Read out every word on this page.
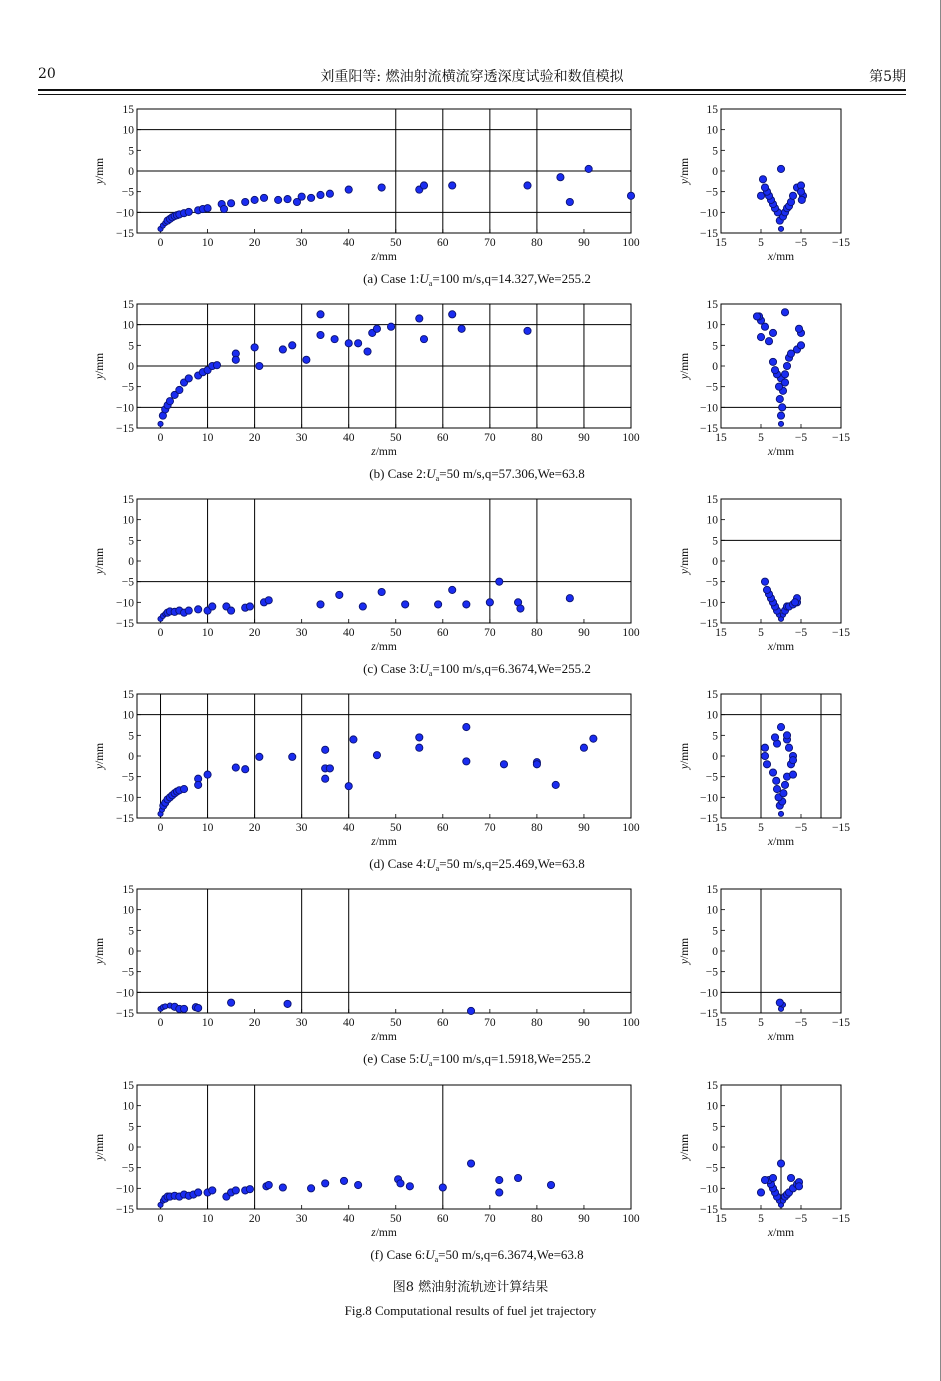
20	刘重阳等: 燃油射流横流穿透深度试验和数值模拟	第5期
0	10	20	30	40	50	60	70	80	90	100
15
10
5
0
−5
−10
−15
z/mm
y/mm
(a) Case $1:U_a=100$ m/s,q=14.327,We=255.2
15	5	−5 −15
15
10
5
0
−5
−10
−15
x/mm
y/mm
0	10	20	30	40	50	60	70	80	90	100
15
10
5
0
−5
−10
−15
z/mm
y/mm
(b) Case $2:U_a=50$ m/s,q=57.306,We=63.8
15	5	−5 −15
15
10
5
0
−5
−10
−15
x/mm
y/mm
0	10	20	30	40	50	60	70	80	90	100
15
10
5
0
−5
−10
−15
z/mm
y/mm
(c) Case $3:U_a=100$ m/s,q=6.3674,We=255.2
15	5	−5 −15
15
10
5
0
−5
−10
−15
x/mm
y/mm
0	10	20	30	40	50	60	70	80	90	100
15
10
5
0
−5
−10
−15
z/mm
y/mm
(d) Case $4:U_a=50$ m/s,q=25.469,We=63.8
15	5	−5 −15
15
10
5
0
−5
−10
−15
x/mm
y/mm
0	10	20	30	40	50	60	70	80	90	100
15
10
5
0
−5
−10
−15
z/mm
y/mm
(e) Case $5:U_a=100$ m/s,q=1.5918,We=255.2
15	5	−5 −15
15
10
5
0
−5
−10
−15
x/mm
y/mm
0	10	20	30	40	50	60	70	80	90	100
15
10
5
0
−5
−10
−15
z/mm
y/mm
(f) Case $6:U_a=50$ m/s,q=6.3674,We=63.8
15	5	−5 −15
15
10
5
0
−5
−10
−15
x/mm
y/mm
图8 燃油射流轨迹计算结果
Fig.8 Computational results of fuel jet trajectory
